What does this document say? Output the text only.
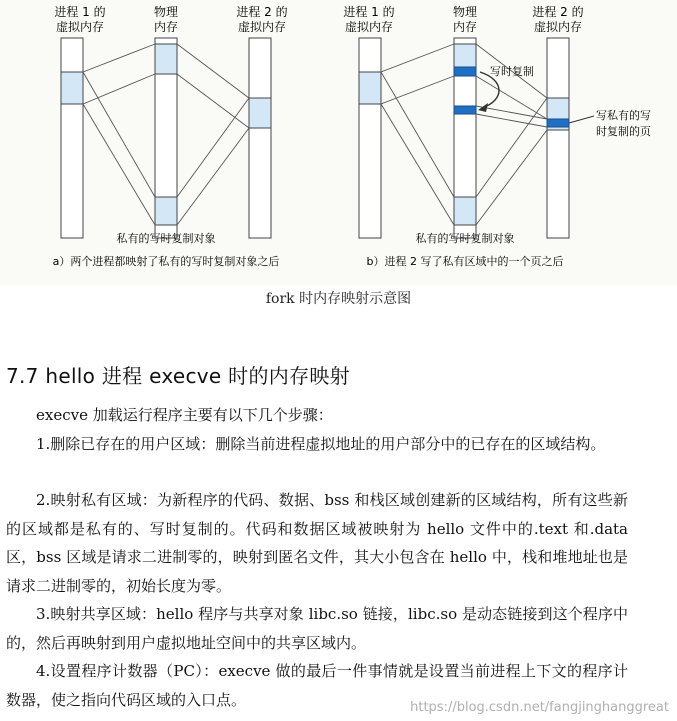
进程 1 的
虚拟内存
物理
内存
进程 2 的
虚拟内存
私有的写时复制对象
a）两个进程都映射了私有的写时复制对象之后
进程 1 的
虚拟内存
物理
内存
进程 2 的
虚拟内存
写时复制
写私有的写
时复制的页
私有的写时复制对象
b）进程 2 写了私有区域中的一个页之后
fork 时内存映射示意图
7.7 hello 进程 execve 时的内存映射
execve 加载运行程序主要有以下几个步骤：
1.删除已存在的用户区域：删除当前进程虚拟地址的用户部分中的已存在的区域结构。
2.映射私有区域：为新程序的代码、数据、bss 和栈区域创建新的区域结构，所有这些新的区域都是私有的、写时复制的。代码和数据区域被映射为 hello 文件中的.text 和.data 区，bss 区域是请求二进制零的，映射到匿名文件，其大小包含在 hello 中，栈和堆地址也是请求二进制零的，初始长度为零。
3.映射共享区域：hello 程序与共享对象 libc.so 链接，libc.so 是动态链接到这个程序中的，然后再映射到用户虚拟地址空间中的共享区域内。
4.设置程序计数器（PC）：execve 做的最后一件事情就是设置当前进程上下文的程序计数器，使之指向代码区域的入口点。	https://blog.csdn.net/fangjinghanggreat
